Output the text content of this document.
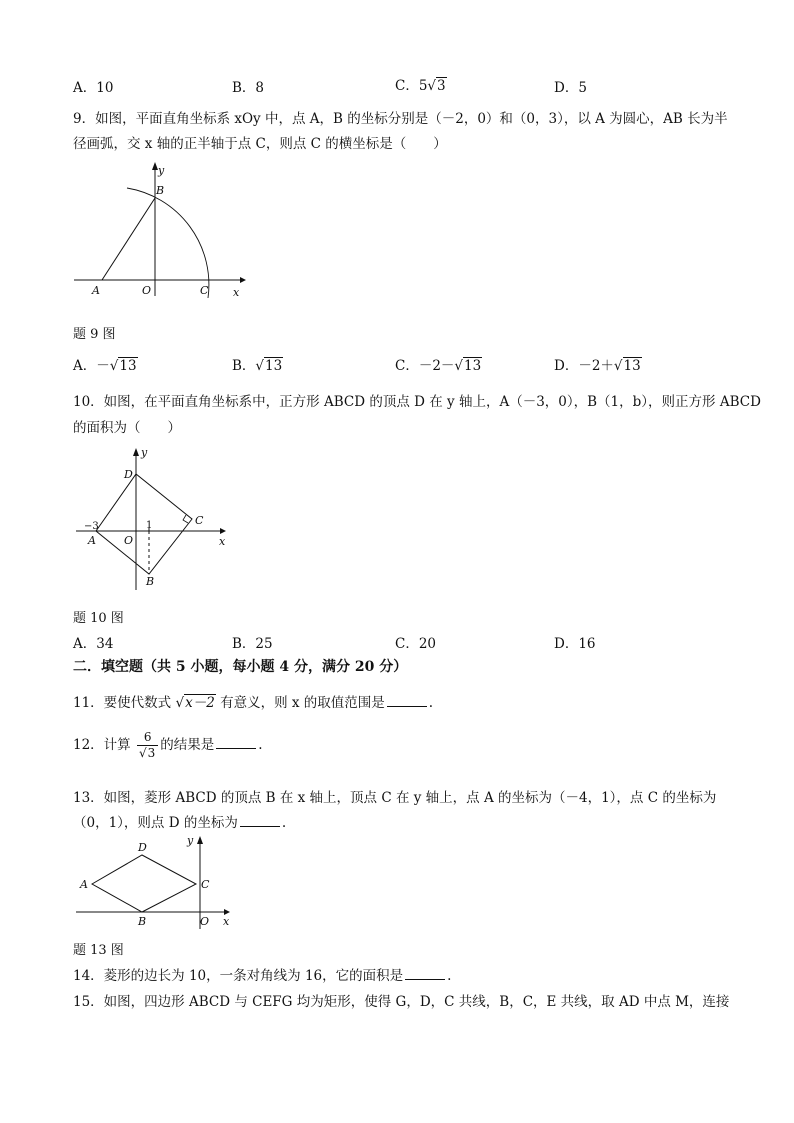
A．10	B．8	C．5√3	D．5
9．如图，平面直角坐标系 xOy 中，点 A，B 的坐标分别是（－2，0）和（0，3），以 A 为圆心，AB 长为半
径画弧，交 x 轴的正半轴于点 C，则点 C 的横坐标是（　　）
y
B
A	O	C x
题 9 图
A．－√13	B．√13	C．－2－√13	D．－2＋√13
10．如图，在平面直角坐标系中，正方形 ABCD 的顶点 D 在 y 轴上，A（－3，0），B（1，b），则正方形 ABCD
的面积为（　　）
y
D
C
−3	1
A	O	x
B
题 10 图
A．34	B．25	C．20	D．16
二．填空题（共 5 小题，每小题 4 分，满分 20 分）
11．要使代数式 √x－2 有意义，则 x 的取值范围是	.
12．计算 $\frac{6}{√3}$ 的结果是	.
13．如图，菱形 ABCD 的顶点 B 在 x 轴上，顶点 C 在 y 轴上，点 A 的坐标为（－4，1），点 C 的坐标为
（0，1），则点 D 的坐标为	.
y
D
A	C
B	O x
题 13 图
14．菱形的边长为 10，一条对角线为 16，它的面积是	.
15．如图，四边形 ABCD 与 CEFG 均为矩形，使得 G，D，C 共线，B，C，E 共线，取 AD 中点 M，连接
